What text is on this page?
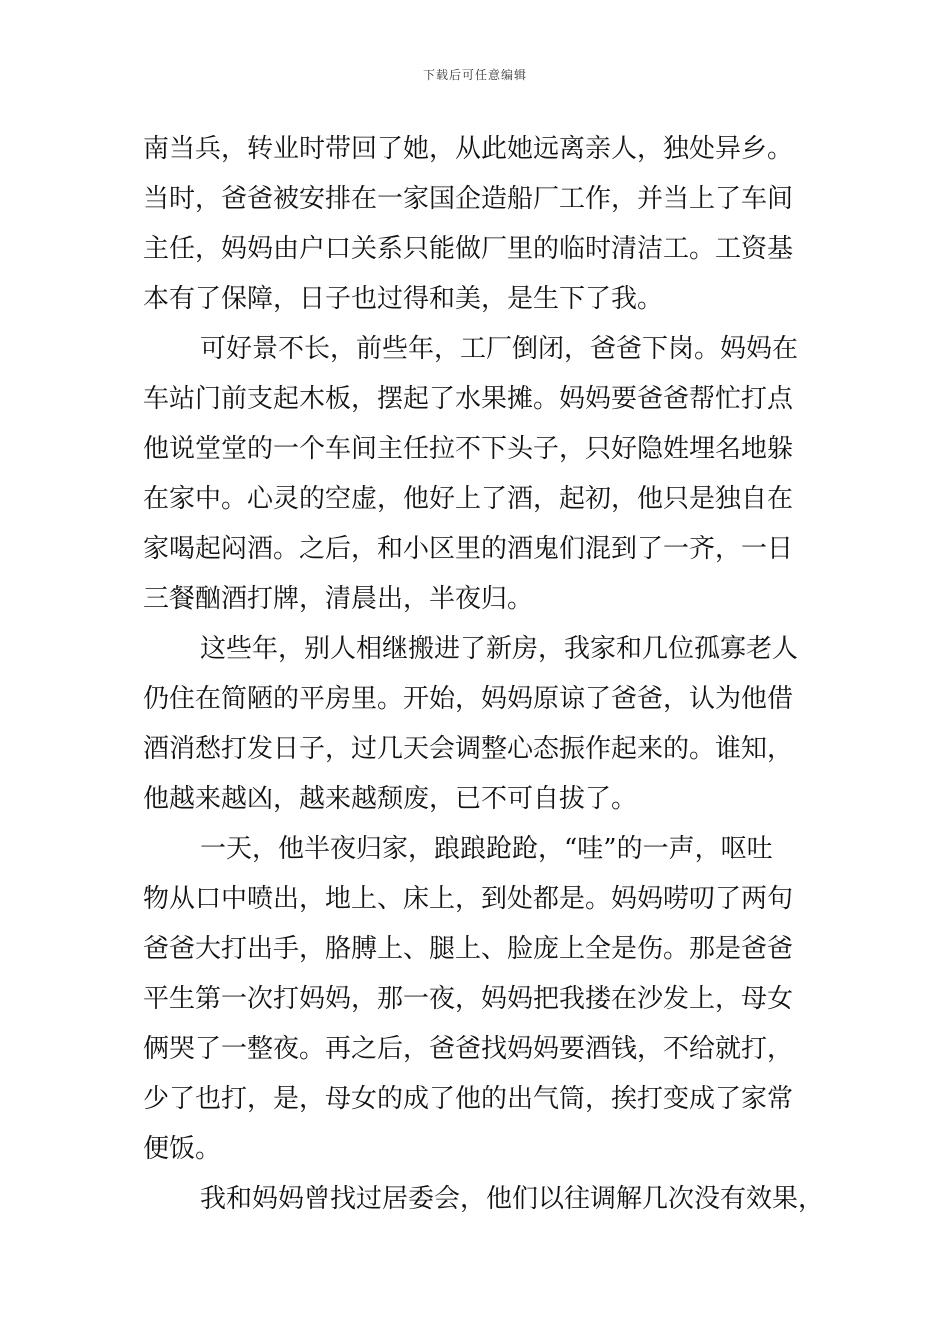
下载后可任意编辑
南当兵，转业时带回了她，从此她远离亲人，独处异乡。
当时，爸爸被安排在一家国企造船厂工作，并当上了车间
主任，妈妈由户口关系只能做厂里的临时清洁工。工资基
本有了保障，日子也过得和美，是生下了我。
可好景不长，前些年，工厂倒闭，爸爸下岗。妈妈在
车站门前支起木板，摆起了水果摊。妈妈要爸爸帮忙打点
他说堂堂的一个车间主任拉不下头子，只好隐姓埋名地躲
在家中。心灵的空虚，他好上了酒，起初，他只是独自在
家喝起闷酒。之后，和小区里的酒鬼们混到了一齐，一日
三餐酗酒打牌，清晨出，半夜归。
这些年，别人相继搬进了新房，我家和几位孤寡老人
仍住在简陋的平房里。开始，妈妈原谅了爸爸，认为他借
酒消愁打发日子，过几天会调整心态振作起来的。谁知，
他越来越凶，越来越颓废，已不可自拔了。
一天，他半夜归家，踉踉跄跄，“哇”的一声，呕吐
物从口中喷出，地上、床上，到处都是。妈妈唠叨了两句
爸爸大打出手，胳膊上、腿上、脸庞上全是伤。那是爸爸
平生第一次打妈妈，那一夜，妈妈把我搂在沙发上，母女
俩哭了一整夜。再之后，爸爸找妈妈要酒钱，不给就打，
少了也打，是，母女的成了他的出气筒，挨打变成了家常
便饭。
我和妈妈曾找过居委会，他们以往调解几次没有效果，
